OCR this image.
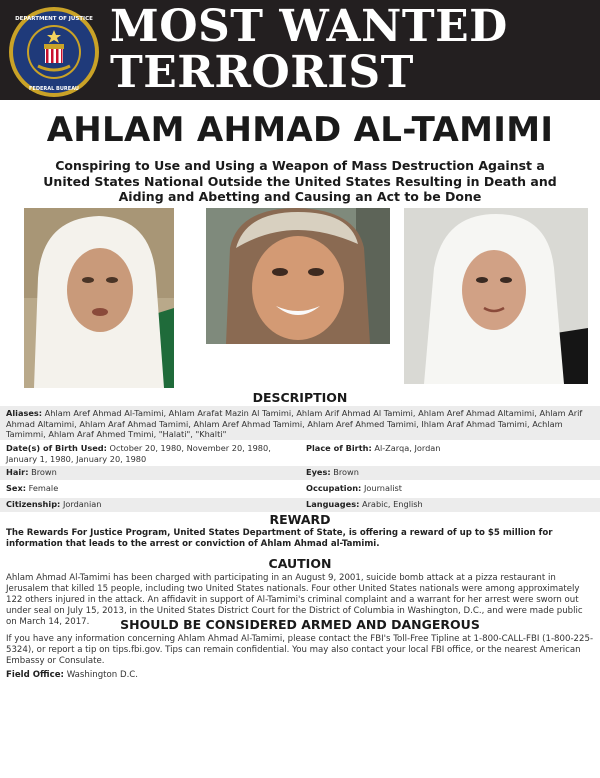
DEPARTMENT OF JUSTICE
FEDERAL BUREAU
MOST WANTED
TERRORIST
AHLAM AHMAD AL-TAMIMI
Conspiring to Use and Using a Weapon of Mass Destruction Against a United States National Outside the United States Resulting in Death and Aiding and Abetting and Causing an Act to be Done
DESCRIPTION
Aliases: Ahlam Aref Ahmad Al-Tamimi, Ahlam Arafat Mazin Al Tamimi, Ahlam Arif Ahmad Al Tamimi, Ahlam Aref Ahmad Altamimi, Ahlam Arif Ahmad Altamimi, Ahlam Araf Ahmad Tamimi, Ahlam Aref Ahmad Tamimi, Ahlam Aref Ahmed Tamimi, Ihlam Araf Ahmad Tamimi, Achlam Tamimmi, Ahlam Araf Ahmed Tmimi, "Halati", "Khalti"
Date(s) of Birth Used: October 20, 1980, November 20, 1980, January 1, 1980, January 20, 1980
Place of Birth: Al-Zarqa, Jordan
Hair: Brown	Eyes: Brown
Sex: Female	Occupation: Journalist
Citizenship: Jordanian	Languages: Arabic, English
REWARD
The Rewards For Justice Program, United States Department of State, is offering a reward of up to $5 million for information that leads to the arrest or conviction of Ahlam Ahmad al-Tamimi.
CAUTION
Ahlam Ahmad Al-Tamimi has been charged with participating in an August 9, 2001, suicide bomb attack at a pizza restaurant in Jerusalem that killed 15 people, including two United States nationals. Four other United States nationals were among approximately 122 others injured in the attack. An affidavit in support of Al-Tamimi's criminal complaint and a warrant for her arrest were sworn out under seal on July 15, 2013, in the United States District Court for the District of Columbia in Washington, D.C., and were made public on March 14, 2017.	SHOULD BE CONSIDERED ARMED AND DANGEROUS
If you have any information concerning Ahlam Ahmad Al-Tamimi, please contact the FBI's Toll-Free Tipline at 1-800-CALL-FBI (1-800-225-5324), or report a tip on tips.fbi.gov. Tips can remain confidential. You may also contact your local FBI office, or the nearest American Embassy or Consulate.
Field Office: Washington D.C.
